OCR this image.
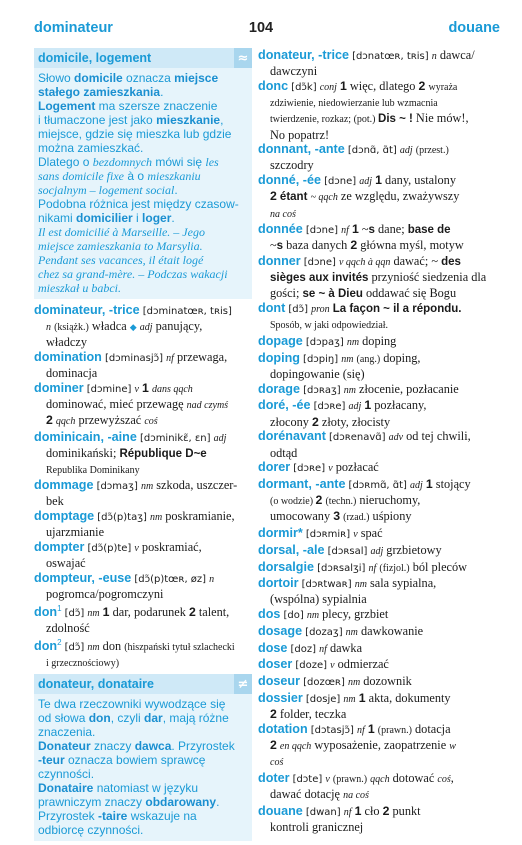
dominateur	104	douane
domicile, logement	≈
Słowo domicile oznacza miejsce
stałego zamieszkania.
Logement ma szersze znaczenie
i tłumaczone jest jako mieszkanie,
miejsce, gdzie się mieszka lub gdzie
można zamieszkać.
Dlatego o bezdomnych mówi się les
sans domicile fixe à o mieszkaniu
socjalnym – logement social.
Podobna różnica jest między czasow-
nikami domicilier i loger.
Il est domicilié à Marseille. – Jego
miejsce zamieszkania to Marsylia.
Pendant ses vacances, il était logé
chez sa grand-mère. – Podczas wakacji
mieszkał u babci.
dominateur, -trice [dɔminatœʀ, tʀis]
n (książk.) władca ◆ adj panujący,
władczy
domination [dɔminasjɔ̃] nf przewaga,
dominacja
dominer [dɔmine] v 1 dans qqch
dominować, mieć przewagę nad czymś
2 qqch przewyższać coś
dominicain, -aine [dɔminikɛ̃, ɛn] adj
dominikański; République D~e
Republika Dominikany
dommage [dɔmaʒ] nm szkoda, uszczer-
bek
domptage [dɔ̃(p)taʒ] nm poskramianie,
ujarzmianie
dompter [dɔ̃(p)te] v poskramiać,
oswajać
dompteur, -euse [dɔ̃(p)tœʀ, øz] n
pogromca/pogromczyni
don$^1$ [dɔ̃] nm 1 dar, podarunek 2 talent,
zdolność
don$^2$ [dɔ̃] nm don (hiszpański tytuł szlachecki
i grzecznościowy)
donateur, donataire	≠
Te dwa rzeczowniki wywodzące się
od słowa don, czyli dar, mają różne
znaczenia.
Donateur znaczy dawca. Przyrostek
-teur oznacza bowiem sprawcę
czynności.
Donataire natomiast w języku
prawniczym znaczy obdarowany.
Przyrostek -taire wskazuje na
odbiorcę czynności.
donateur, -trice [dɔnatœʀ, tʀis] n dawca/
dawczyni
donc [dɔ̃k] conj 1 więc, dlatego 2 wyraża
zdziwienie, niedowierzanie lub wzmacnia
twierdzenie, rozkaz; (pot.) Dis ~ ! Nie mów!,
No popatrz!
donnant, -ante [dɔnɑ̃, ɑ̃t] adj (przest.)
szczodry
donné, -ée [dɔne] adj 1 dany, ustalony
2 étant ~ qqch ze względu, zważywszy
na coś
donnée [dɔne] nf 1 ~s dane; base de
~s baza danych 2 główna myśl, motyw
donner [dɔne] v qqch à qqn dawać; ~ des
sièges aux invités przyniość siedzenia dla
gości; se ~ à Dieu oddawać się Bogu
dont [dɔ̃] pron La façon ~ il a répondu.
Sposób, w jaki odpowiedział.
dopage [dɔpaʒ] nm doping
doping [dɔpiŋ] nm (ang.) doping,
dopingowanie (się)
dorage [dɔʀaʒ] nm złocenie, pozłacanie
doré, -ée [dɔʀe] adj 1 pozłacany,
złocony 2 złoty, złocisty
dorénavant [dɔʀenavɑ̃] adv od tej chwili,
odtąd
dorer [dɔʀe] v pozłacać
dormant, -ante [dɔʀmɑ̃, ɑ̃t] adj 1 stojący
(o wodzie) 2 (techn.) nieruchomy,
umocowany 3 (rzad.) uśpiony
dormir* [dɔʀmiʀ] v spać
dorsal, -ale [dɔʀsal] adj grzbietowy
dorsalgie [dɔʀsalʒi] nf (fizjol.) ból pleców
dortoir [dɔʀtwaʀ] nm sala sypialna,
(wspólna) sypialnia
dos [do] nm plecy, grzbiet
dosage [dozaʒ] nm dawkowanie
dose [doz] nf dawka
doser [doze] v odmierzać
doseur [dozœʀ] nm dozownik
dossier [dosje] nm 1 akta, dokumenty
2 folder, teczka
dotation [dɔtasjɔ̃] nf 1 (prawn.) dotacja
2 en qqch wyposażenie, zaopatrzenie w
coś
doter [dɔte] v (prawn.) qqch dotować coś,
dawać dotację na coś
douane [dwan] nf 1 cło 2 punkt
kontroli granicznej
